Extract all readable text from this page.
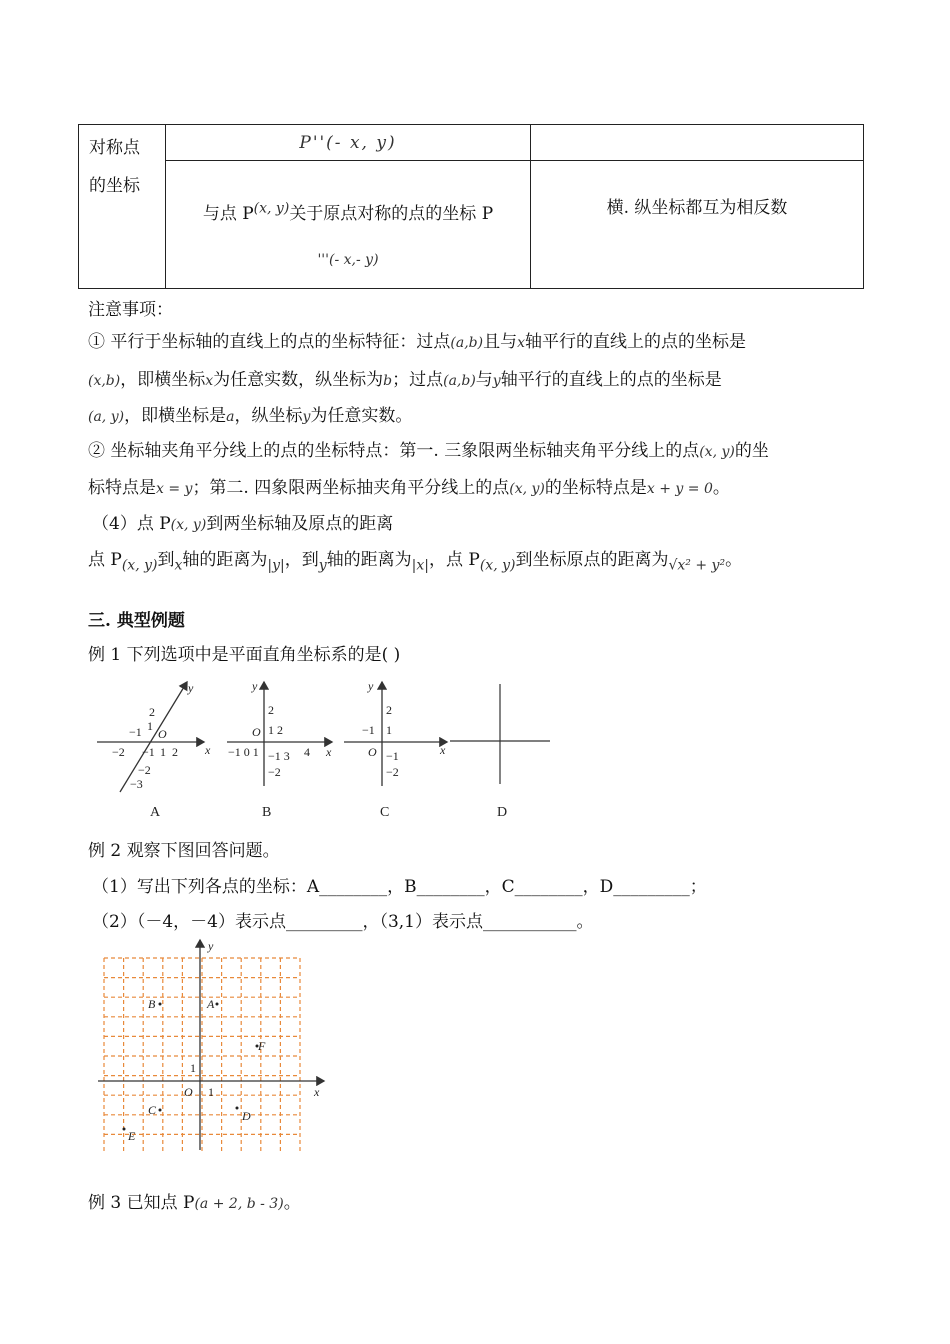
对称点
的坐标	P''(- x, y)	
	与点 P$^{(x, y)}$关于原点对称的点的坐标 P
'''(- x,- y)	横. 纵坐标都互为相反数
注意事项：
① 平行于坐标轴的直线上的点的坐标特征：过点(a,b)且与x轴平行的直线上的点的坐标是
(x,b)，即横坐标x为任意实数，纵坐标为b；过点(a,b)与y轴平行的直线上的点的坐标是
(a, y)，即横坐标是a，纵坐标y为任意实数。
② 坐标轴夹角平分线上的点的坐标特点：第一. 三象限两坐标轴夹角平分线上的点(x, y)的坐
标特点是x = y；第二. 四象限两坐标抽夹角平分线上的点(x, y)的坐标特点是x + y = 0。
（4）点 P(x, y)到两坐标轴及原点的距离
点 $P_{(x, y)}$到$_x$轴的距离为$_{|y|}$，到$_y$轴的距离为$_{|x|}$，点 $P_{(x, y)}$到坐标原点的距离为$_{√x^2 + y^2}$。
三. 典型例题
例 1 下列选项中是平面直角坐标系的是( )
y
x
O
−2
−1 1
2
−1 1 2
−2
−3
A
y
x
O
2
1 2
−1 0 1 −1 3 4
−2
B
y
x
O
2
−1 1
−1
−2
C	D
例 2 观察下图回答问题。
（1）写出下列各点的坐标：A________，B________，C________，D_________；
（2）（－4，－4）表示点_________，（3,1）表示点___________。
y
x
O 1
1
B	A
F
C	D
E
例 3 已知点 P(a + 2, b - 3)。
